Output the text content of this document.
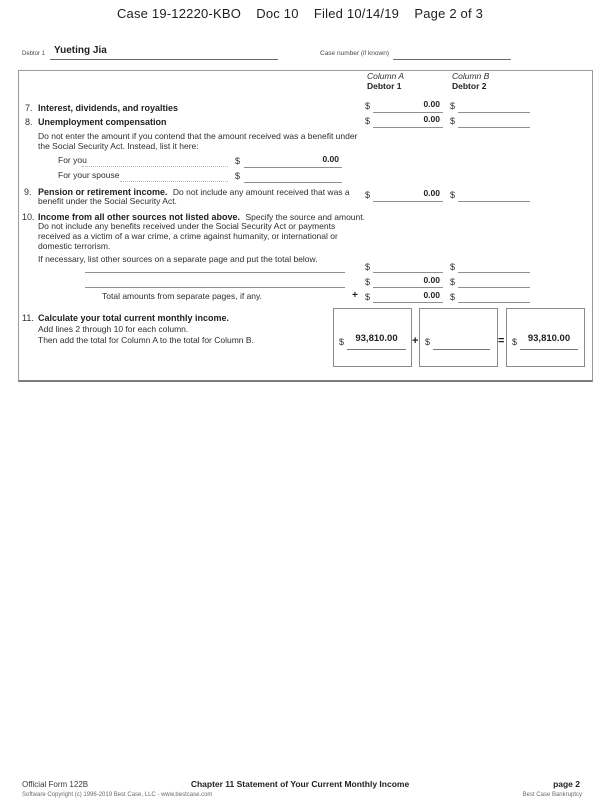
Case 19-12220-KBO    Doc 10    Filed 10/14/19    Page 2 of 3
Debtor 1 Yueting Jia	Case number (if known)
Column A
Debtor 1
Column B
Debtor 2
7. Interest, dividends, and royalties	$	0.00	$
8. Unemployment compensation	$	0.00	$
Do not enter the amount if you contend that the amount received was a benefit under
the Social Security Act. Instead, list it here:
For you	$	0.00
For your spouse	$
9. Pension or retirement income. Do not include any amount received that was a
benefit under the Social Security Act.
$	0.00	$
10. Income from all other sources not listed above. Specify the source and amount.
Do not include any benefits received under the Social Security Act or payments
received as a victim of a war crime, a crime against humanity, or international or
domestic terrorism.
If necessary, list other sources on a separate page and put the total below.
$	$
$	0.00	$
Total amounts from separate pages, if any.	+ $	0.00	$
11. Calculate your total current monthly income.
Add lines 2 through 10 for each column.
Then add the total for Column A to the total for Column B.	$	93,810.00	+ $	= $	93,810.00
Official Form 122B	Chapter 11 Statement of Your Current Monthly Income	page 2
Software Copyright (c) 1996-2019 Best Case, LLC - www.bestcase.com	Best Case Bankruptcy
